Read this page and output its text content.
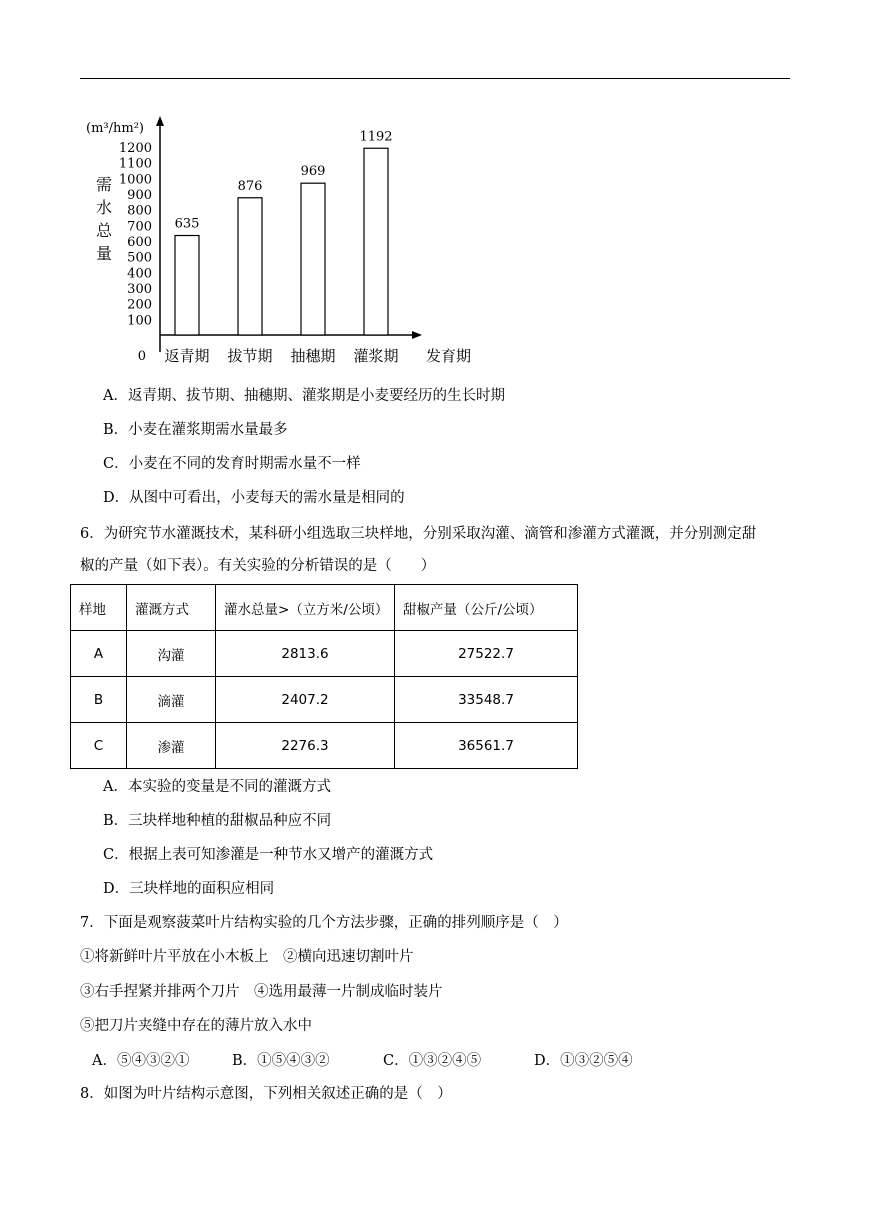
(m³/hm²)
需
水
总
量
0
100
200
300
400
500
600
700
800
900
1000
1100
1200
635
876
969
1192
返青期 拔节期 抽穗期 灌浆期 发育期
A．返青期、拔节期、抽穗期、灌浆期是小麦要经历的生长时期
B．小麦在灌浆期需水量最多
C．小麦在不同的发育时期需水量不一样
D．从图中可看出，小麦每天的需水量是相同的
6．为研究节水灌溉技术，某科研小组选取三块样地，分别采取沟灌、滴管和渗灌方式灌溉，并分别测定甜
椒的产量（如下表）。有关实验的分析错误的是（　　）
样地	灌溉方式	灌水总量>（立方米/公顷）	甜椒产量（公斤/公顷）
A	沟灌	2813.6	27522.7
B	滴灌	2407.2	33548.7
C	渗灌	2276.3	36561.7
A．本实验的变量是不同的灌溉方式
B．三块样地种植的甜椒品种应不同
C．根据上表可知渗灌是一种节水又增产的灌溉方式
D．三块样地的面积应相同
7．下面是观察菠菜叶片结构实验的几个方法步骤，正确的排列顺序是（　）
①将新鲜叶片平放在小木板上　②横向迅速切割叶片
③右手捏紧并排两个刀片　④选用最薄一片制成临时装片
⑤把刀片夹缝中存在的薄片放入水中
A．⑤④③②①	B．①⑤④③②	C．①③②④⑤	D．①③②⑤④
8．如图为叶片结构示意图，下列相关叙述正确的是（　）
